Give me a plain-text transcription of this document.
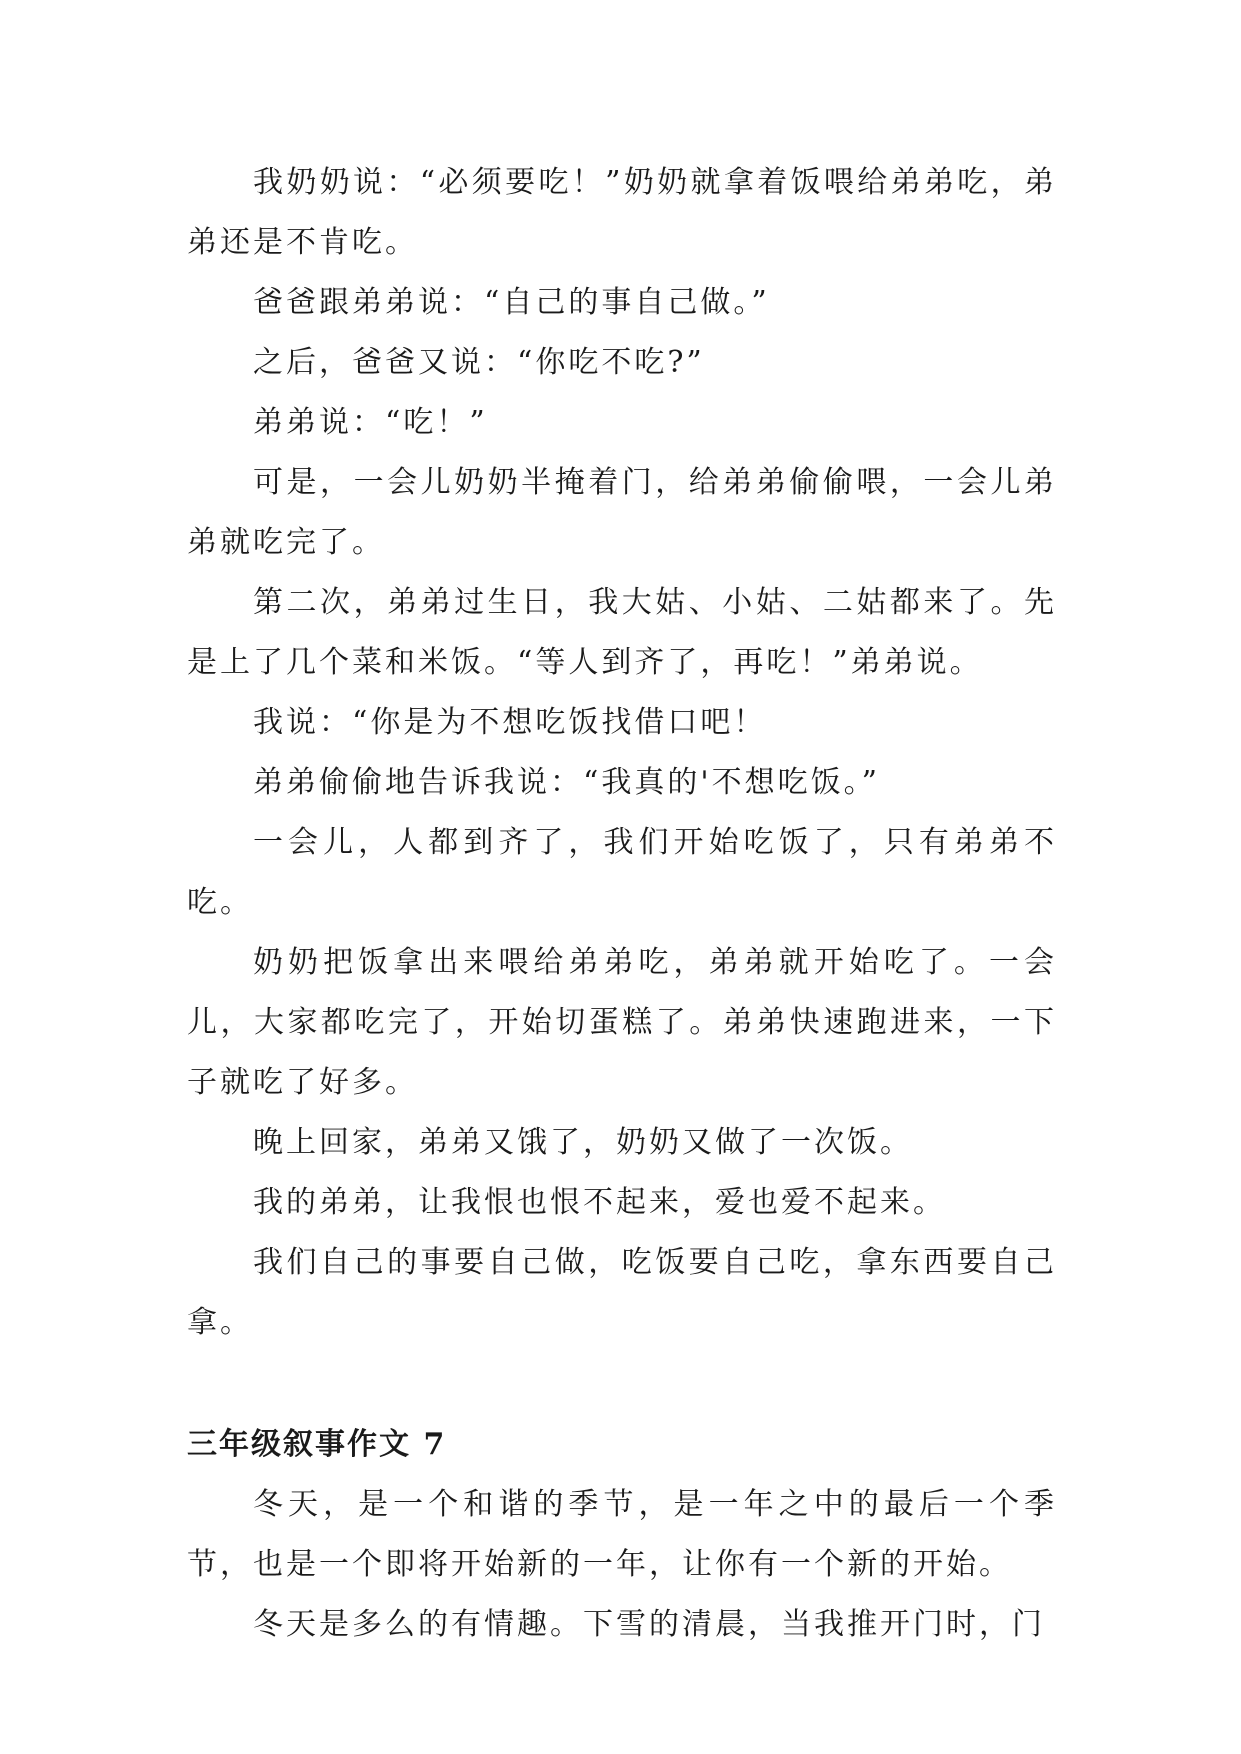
我奶奶说：“必须要吃！”奶奶就拿着饭喂给弟弟吃，弟弟还是不肯吃。

爸爸跟弟弟说：“自己的事自己做。”

之后，爸爸又说：“你吃不吃?”

弟弟说：“吃！”

可是，一会儿奶奶半掩着门，给弟弟偷偷喂，一会儿弟弟就吃完了。

第二次，弟弟过生日，我大姑、小姑、二姑都来了。先是上了几个菜和米饭。“等人到齐了，再吃！”弟弟说。

我说：“你是为不想吃饭找借口吧！

弟弟偷偷地告诉我说：“我真的'不想吃饭。”

一会儿，人都到齐了，我们开始吃饭了，只有弟弟不吃。

奶奶把饭拿出来喂给弟弟吃，弟弟就开始吃了。一会儿，大家都吃完了，开始切蛋糕了。弟弟快速跑进来，一下子就吃了好多。

晚上回家，弟弟又饿了，奶奶又做了一次饭。

我的弟弟，让我恨也恨不起来，爱也爱不起来。

我们自己的事要自己做，吃饭要自己吃，拿东西要自己拿。

三年级叙事作文 7

冬天，是一个和谐的季节，是一年之中的最后一个季节，也是一个即将开始新的一年，让你有一个新的开始。

冬天是多么的有情趣。下雪的清晨，当我推开门时，门
